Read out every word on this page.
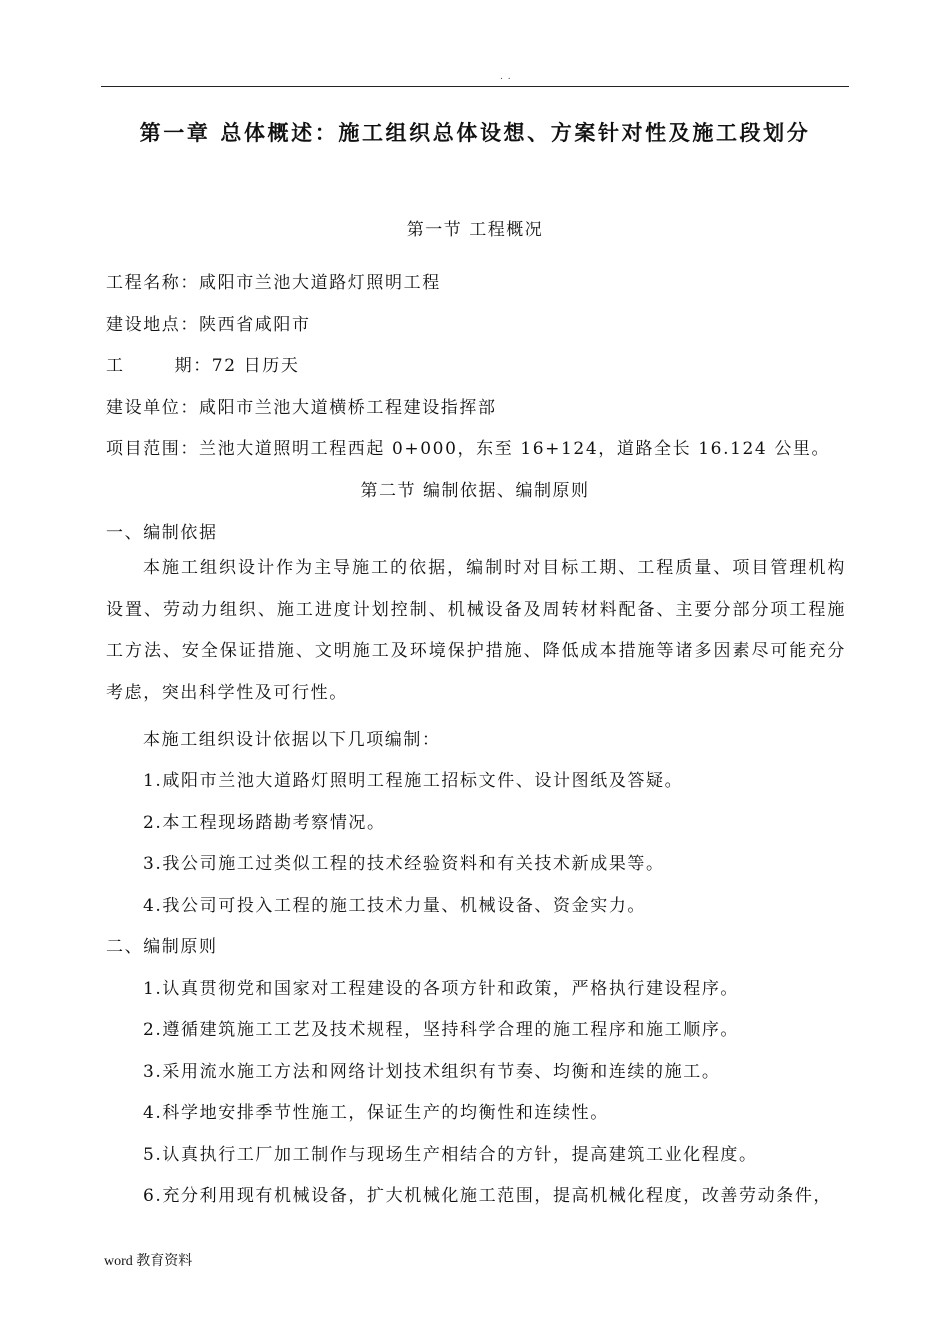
. .
第一章 总体概述：施工组织总体设想、方案针对性及施工段划分
第一节 工程概况
工程名称：咸阳市兰池大道路灯照明工程
建设地点：陕西省咸阳市
工	期：72 日历天
建设单位：咸阳市兰池大道横桥工程建设指挥部
项目范围：兰池大道照明工程西起 0+000，东至 16+124，道路全长 16.124 公里。
第二节 编制依据、编制原则
一、编制依据
本施工组织设计作为主导施工的依据，编制时对目标工期、工程质量、项目管理机构设置、劳动力组织、施工进度计划控制、机械设备及周转材料配备、主要分部分项工程施工方法、安全保证措施、文明施工及环境保护措施、降低成本措施等诸多因素尽可能充分考虑，突出科学性及可行性。
本施工组织设计依据以下几项编制：
1.咸阳市兰池大道路灯照明工程施工招标文件、设计图纸及答疑。
2.本工程现场踏勘考察情况。
3.我公司施工过类似工程的技术经验资料和有关技术新成果等。
4.我公司可投入工程的施工技术力量、机械设备、资金实力。
二、编制原则
1.认真贯彻党和国家对工程建设的各项方针和政策，严格执行建设程序。
2.遵循建筑施工工艺及技术规程，坚持科学合理的施工程序和施工顺序。
3.采用流水施工方法和网络计划技术组织有节奏、均衡和连续的施工。
4.科学地安排季节性施工，保证生产的均衡性和连续性。
5.认真执行工厂加工制作与现场生产相结合的方针，提高建筑工业化程度。
6.充分利用现有机械设备，扩大机械化施工范围，提高机械化程度，改善劳动条件，
word 教育资料
